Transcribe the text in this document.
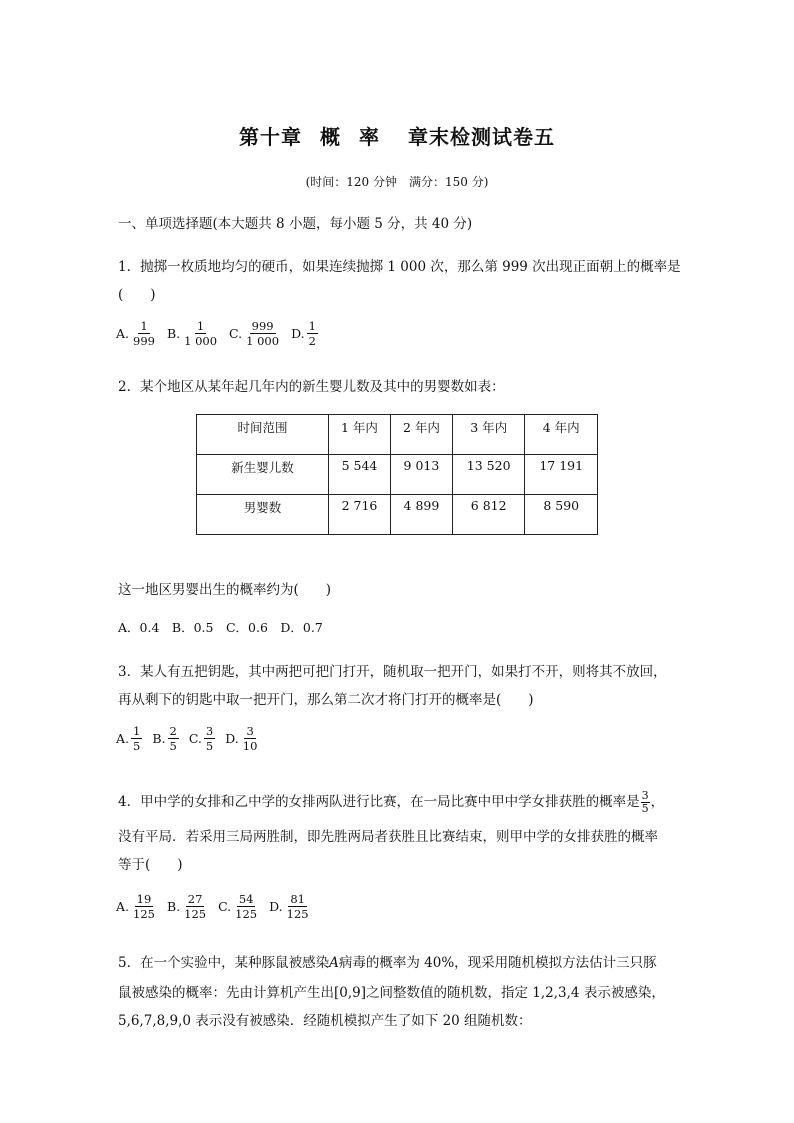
第十章 概 率 章末检测试卷五
(时间：120 分钟　满分：150 分)
一、单项选择题(本大题共 8 小题，每小题 5 分，共 40 分)
1．抛掷一枚质地均匀的硬币，如果连续抛掷 1 000 次，那么第 999 次出现正面朝上的概率是
(　　)
A. $\frac{1}{999}$
B. $\frac{1}{1 000}$
C. $\frac{999}{1 000}$
D. $\frac{1}{2}$
2．某个地区从某年起几年内的新生婴儿数及其中的男婴数如表：
时间范围	1 年内	2 年内	3 年内	4 年内
新生婴儿数	5 544	9 013	13 520	17 191
男婴数	2 716	4 899	6 812	8 590
这一地区男婴出生的概率约为(　　)
A．0.4　B．0.5　C．0.6　D．0.7
3．某人有五把钥匙，其中两把可把门打开，随机取一把开门，如果打不开，则将其不放回，
再从剩下的钥匙中取一把开门，那么第二次才将门打开的概率是(　　)
A. $\frac{1}{5}$
B. $\frac{2}{5}$
C. $\frac{3}{5}$
D. $\frac{3}{10}$
4．甲中学的女排和乙中学的女排两队进行比赛，在一局比赛中甲中学女排获胜的概率是 $\frac{3}{5}$ ，
没有平局．若采用三局两胜制，即先胜两局者获胜且比赛结束，则甲中学的女排获胜的概率
等于(　　)
A. $\frac{19}{125}$
B. $\frac{27}{125}$
C. $\frac{54}{125}$
D. $\frac{81}{125}$
5．在一个实验中，某种豚鼠被感染A病毒的概率为 40%，现采用随机模拟方法估计三只豚
鼠被感染的概率：先由计算机产生出[0,9]之间整数值的随机数，指定 1,2,3,4 表示被感染，
5,6,7,8,9,0 表示没有被感染．经随机模拟产生了如下 20 组随机数：
